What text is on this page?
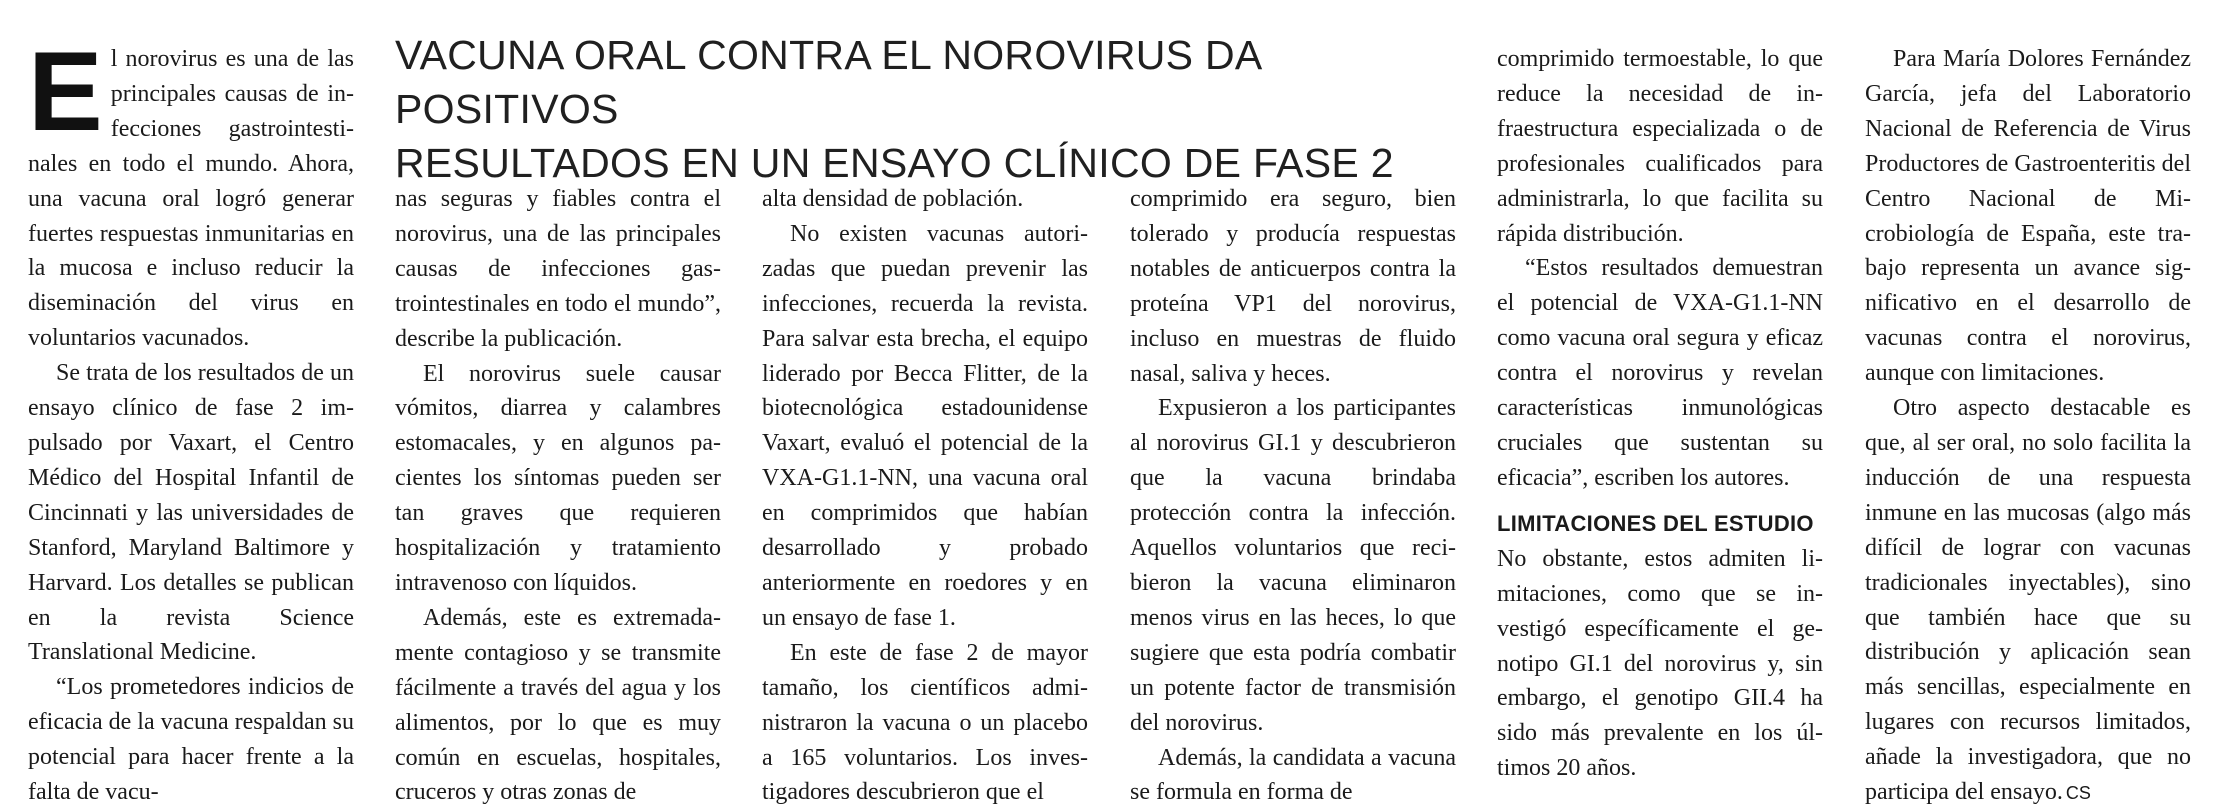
VACUNA ORAL CONTRA EL NOROVIRUS DA POSITIVOS
RESULTADOS EN UN ENSAYO CLÍNICO DE FASE 2

El norovirus es una de las principales causas de infecciones gastrointestinales en todo el mundo. Ahora, una vacuna oral logró generar fuertes respuestas inmunitarias en la mucosa e incluso reducir la diseminación del virus en voluntarios vacunados.

Se trata de los resultados de un ensayo clínico de fase 2 impulsado por Vaxart, el Centro Médico del Hospital Infantil de Cincinnati y las universidades de Stanford, Maryland Baltimore y Harvard. Los detalles se publican en la revista Science Translational Medicine.

“Los prometedores indicios de eficacia de la vacuna respaldan su potencial para hacer frente a la falta de vacu-

nas seguras y fiables contra el norovirus, una de las principales causas de infecciones gastrointestinales en todo el mundo”, describe la publicación.

El norovirus suele causar vómitos, diarrea y calambres estomacales, y en algunos pacientes los síntomas pueden ser tan graves que requieren hospitalización y tratamiento intravenoso con líquidos.

Además, este es extremadamente contagioso y se transmite fácilmente a través del agua y los alimentos, por lo que es muy común en escuelas, hospitales, cruceros y otras zonas de

alta densidad de población.

No existen vacunas autorizadas que puedan prevenir las infecciones, recuerda la revista. Para salvar esta brecha, el equipo liderado por Becca Flitter, de la biotecnológica estadounidense Vaxart, evaluó el potencial de la VXA-G1.1-NN, una vacuna oral en comprimidos que habían desarrollado y probado anteriormente en roedores y en un ensayo de fase 1.

En este de fase 2 de mayor tamaño, los científicos administraron la vacuna o un placebo a 165 voluntarios. Los investigadores descubrieron que el

comprimido era seguro, bien tolerado y producía respuestas notables de anticuerpos contra la proteína VP1 del norovirus, incluso en muestras de fluido nasal, saliva y heces.

Expusieron a los participantes al norovirus GI.1 y descubrieron que la vacuna brindaba protección contra la infección. Aquellos voluntarios que recibieron la vacuna eliminaron menos virus en las heces, lo que sugiere que esta podría combatir un potente factor de transmisión del norovirus.

Además, la candidata a vacuna se formula en forma de

comprimido termoestable, lo que reduce la necesidad de infraestructura especializada o de profesionales cualificados para administrarla, lo que facilita su rápida distribución.

“Estos resultados demuestran el potencial de VXA-G1.1-NN como vacuna oral segura y eficaz contra el norovirus y revelan características inmunológicas cruciales que sustentan su eficacia”, escriben los autores.

LIMITACIONES DEL ESTUDIO

No obstante, estos admiten limitaciones, como que se investigó específicamente el genotipo GI.1 del norovirus y, sin embargo, el genotipo GII.4 ha sido más prevalente en los últimos 20 años.

Para María Dolores Fernández García, jefa del Laboratorio Nacional de Referencia de Virus Productores de Gastroenteritis del Centro Nacional de Microbiología de España, este trabajo representa un avance significativo en el desarrollo de vacunas contra el norovirus, aunque con limitaciones.

Otro aspecto destacable es que, al ser oral, no solo facilita la inducción de una respuesta inmune en las mucosas (algo más difícil de lograr con vacunas tradicionales inyectables), sino que también hace que su distribución y aplicación sean más sencillas, especialmente en lugares con recursos limitados, añade la investigadora, que no participa del ensayo. CS
